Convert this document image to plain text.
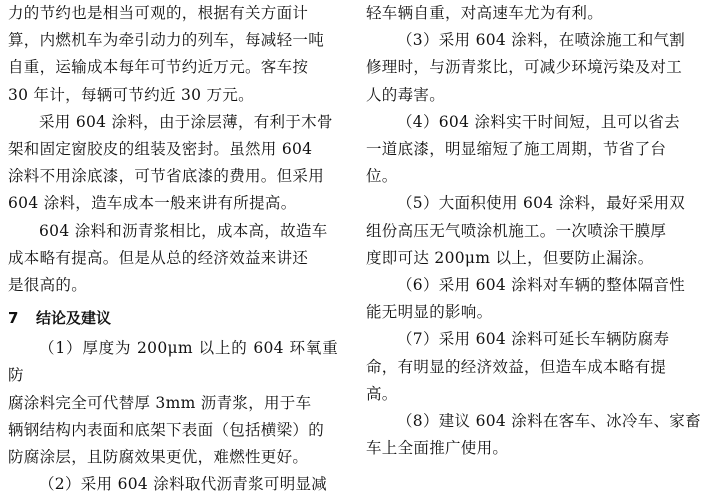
力的节约也是相当可观的，根据有关方面计
算，内燃机车为牵引动力的列车，每减轻一吨
自重，运输成本每年可节约近万元。客车按
30 年计，每辆可节约近 30 万元。

采用 604 涂料，由于涂层薄，有利于木骨
架和固定窗胶皮的组装及密封。虽然用 604
涂料不用涂底漆，可节省底漆的费用。但采用
604 涂料，造车成本一般来讲有所提高。

604 涂料和沥青浆相比，成本高，故造车
成本略有提高。但是从总的经济效益来讲还
是很高的。

7 结论及建议

（1）厚度为 200μm 以上的 604 环氧重防
腐涂料完全可代替厚 3mm 沥青浆，用于车
辆钢结构内表面和底架下表面（包括横梁）的
防腐涂层，且防腐效果更优，难燃性更好。

（2）采用 604 涂料取代沥青浆可明显减

轻车辆自重，对高速车尤为有利。

（3）采用 604 涂料，在喷涂施工和气割
修理时，与沥青浆比，可减少环境污染及对工
人的毒害。

（4）604 涂料实干时间短，且可以省去
一道底漆，明显缩短了施工周期，节省了台
位。

（5）大面积使用 604 涂料，最好采用双
组份高压无气喷涂机施工。一次喷涂干膜厚
度即可达 200μm 以上，但要防止漏涂。

（6）采用 604 涂料对车辆的整体隔音性
能无明显的影响。

（7）采用 604 涂料可延长车辆防腐寿
命，有明显的经济效益，但造车成本略有提
高。

（8）建议 604 涂料在客车、冰冷车、家畜
车上全面推广使用。
